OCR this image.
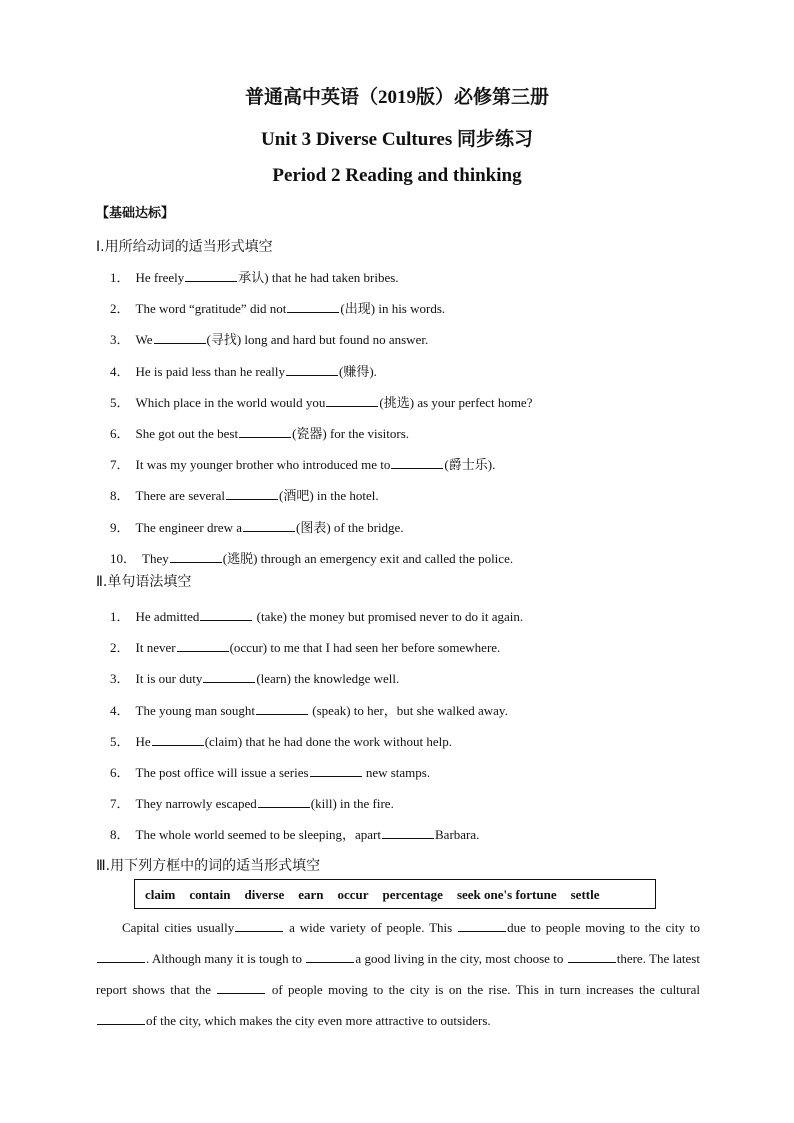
普通高中英语（2019版）必修第三册
Unit 3 Diverse Cultures 同步练习
Period 2 Reading and thinking
【基础达标】
I.用所给动词的适当形式填空
1． He freely	承认) that he had taken bribes.
2． The word “gratitude” did not	(出现) in his words.
3． We	(寻找) long and hard but found no answer.
4． He is paid less than he really	(赚得).
5． Which place in the world would you	(挑选) as your perfect home?
6． She got out the best	(瓷器) for the visitors.
7． It was my younger brother who introduced me to	(爵士乐).
8． There are several	(酒吧) in the hotel.
9． The engineer drew a	(图表) of the bridge.
10． They	(逃脱) through an emergency exit and called the police.
Ⅱ.单句语法填空
1． He admitted	(take) the money but promised never to do it again.
2． It never	(occur) to me that I had seen her before somewhere.
3． It is our duty	(learn) the knowledge well.
4． The young man sought	(speak) to her，but she walked away.
5． He	(claim) that he had done the work without help.
6． The post office will issue a series	new stamps.
7． They narrowly escaped	(kill) in the fire.
8． The whole world seemed to be sleeping，apart	Barbara.
Ⅲ.用下列方框中的词的适当形式填空
claim contain diverse earn occur percentage seek one's fortune settle

Capital cities usually	a wide variety of people. This	due to people moving to the city to. Although many it is tough to	a good living in the city, most choose to	there. The latest report shows that the	of people moving to the city is on the rise. This in turn increases the cultural of the city, which makes the city even more attractive to outsiders.
